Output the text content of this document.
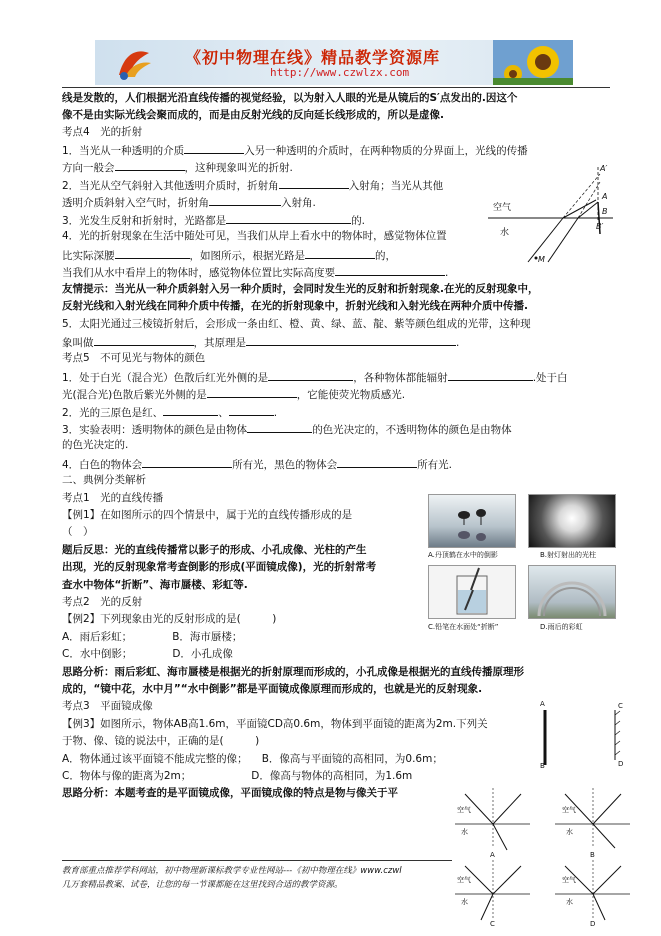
《初中物理在线》精品教学资源库
http://www.czwlzx.com
线是发散的，人们根据光沿直线传播的视觉经验，以为射入人眼的光是从镜后的S′点发出的.因这个
像不是由实际光线会聚而成的，而是由反射光线的反向延长线形成的，所以是虚像.
考点4　光的折射
1．当光从一种透明的介质	入另一种透明的介质时，在两种物质的分界面上，光线的传播
方向一般会	，这种现象叫光的折射.
2．当光从空气斜射入其他透明介质时，折射角	入射角；当光从其他
透明介质斜射入空气时，折射角	入射角.
3．光发生反射和折射时，光路都是	的.
4．光的折射现象在生活中随处可见，当我们从岸上看水中的物体时，感觉物体位置
比实际深腰	，如图所示，根据光路是	的，
当我们从水中看岸上的物体时，感觉物体位置比实际高度要	.
友情提示：当光从一种介质斜射入另一种介质时，会同时发生光的反射和折射现象.在光的反射现象中，
反射光线和入射光线在同种介质中传播，在光的折射现象中，折射光线和入射光线在两种介质中传播.
5．太阳光通过三棱镜折射后，会形成一条由红、橙、黄、绿、蓝、靛、紫等颜色组成的光带，这种现
象叫做	，其原理是	.
考点5　不可见光与物体的颜色
1．处于白光（混合光）色散后红光外侧的是	，各种物体都能辐射	.处于白
光(混合光)色散后紫光外侧的是	，它能使荧光物质感光.
2．光的三原色是红、	、	.
3．实验表明：透明物体的颜色是由物体	的色光决定的，不透明物体的颜色是由物体
的色光决定的.
4．白色的物体会	所有光，黑色的物体会	所有光.
二、典例分类解析
考点1　光的直线传播
【例1】在如图所示的四个情景中，属于光的直线传播形成的是
（　）
题后反思：光的直线传播常以影子的形成、小孔成像、光柱的产生
出现，光的反射现象常考查倒影的形成(平面镜成像)，光的折射常考
查水中物体“折断”、海市蜃楼、彩虹等.
考点2　光的反射
【例2】下列现象由光的反射形成的是(　　　)
A．雨后彩虹；	B．海市蜃楼；
C．水中倒影；	D．小孔成像
思路分析：雨后彩虹、海市蜃楼是根据光的折射原理而形成的，小孔成像是根据光的直线传播原理形
成的，“镜中花，水中月”“水中倒影”都是平面镜成像原理而形成的，也就是光的反射现象.
考点3　平面镜成像
【例3】如图所示，物体AB高1.6m，平面镜CD高0.6m，物体到平面镜的距离为2m.下列关
于物、像、镜的说法中，正确的是(　　　)
A．物体通过该平面镜不能成完整的像； B．像高与平面镜的高相同，为0.6m；
C．物体与像的距离为2m；	D．像高与物体的高相同，为1.6m
思路分析：本题考查的是平面镜成像，平面镜成像的特点是物与像关于平
空气
水
A′
A
B
B′
M
A.丹顶鹤在水中的倒影	B.射灯射出的光柱
C.铅笔在水面处“折断”	D.雨后的彩虹
A
B
C
D
空气
水
A
空气
水
B
空气
水
C
空气
水
D
教育部重点推荐学科网站，初中物理新课标教学专业性网站---《初中物理在线》www.czwl
几万套精品教案、试卷，让您的每一节课都能在这里找到合适的教学资源。
